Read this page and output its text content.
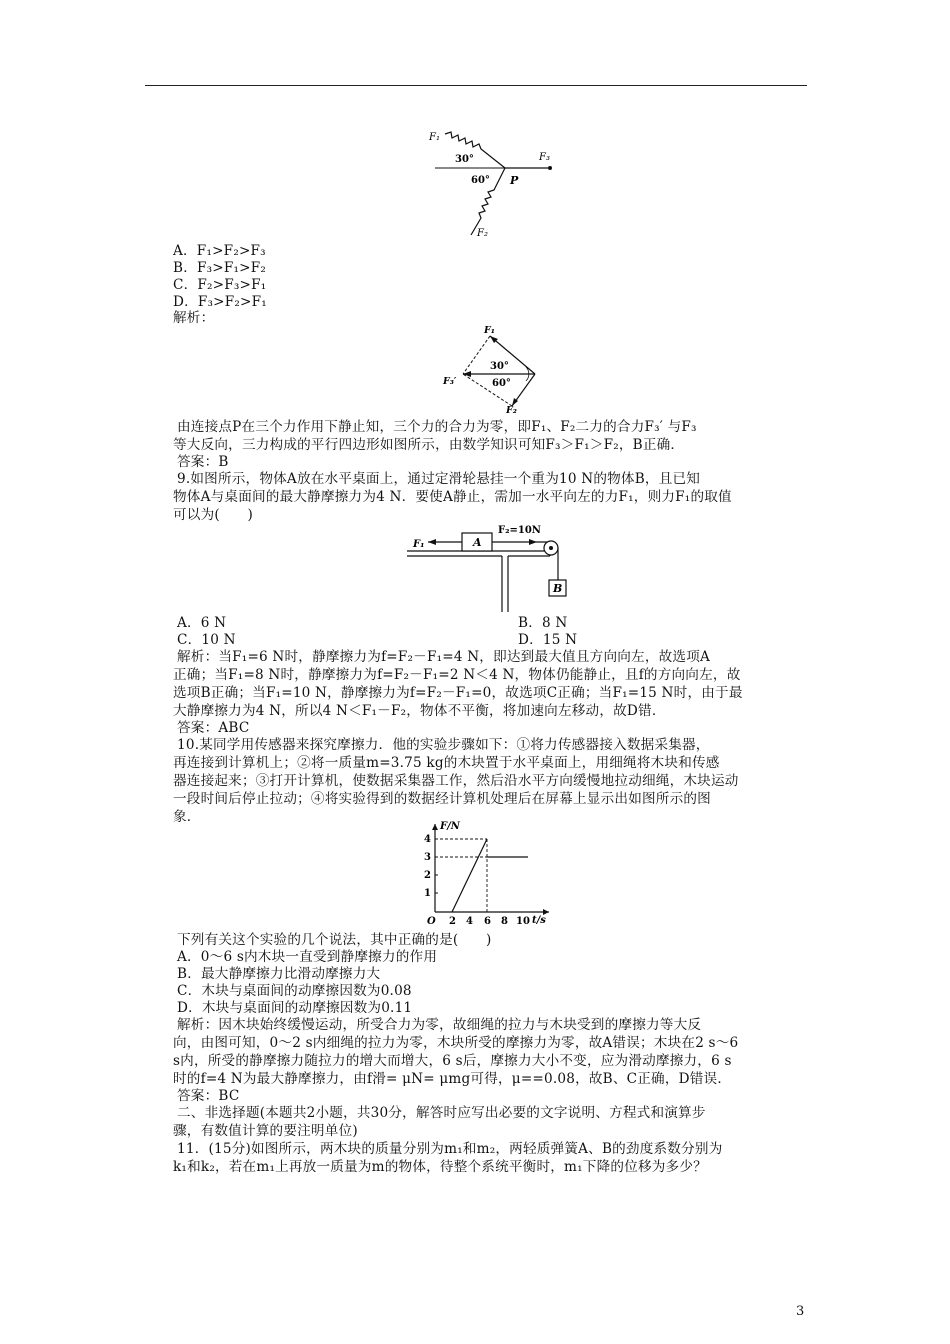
F₁
30°	F₃
60° P
F₂
F₁
30°
60°
F₃′
F₂
A
F₁
F₂=10N
B
F/N
1
2
3
4
O 2 4 6 8 10 t/s
A．F₁>F₂>F₃
B．F₃>F₁>F₂
C．F₂>F₃>F₁
D．F₃>F₂>F₁
解析：
由连接点P在三个力作用下静止知，三个力的合力为零，即F₁、F₂二力的合力F₃′ 与F₃
等大反向，三力构成的平行四边形如图所示，由数学知识可知F₃＞F₁＞F₂，B正确．
答案：B
9.如图所示，物体A放在水平桌面上，通过定滑轮悬挂一个重为10 N的物体B，且已知
物体A与桌面间的最大静摩擦力为4 N．要使A静止，需加一水平向左的力F₁，则力F₁的取值
可以为(　　)
A．6 N	B．8 N
C．10 N	D．15 N
解析：当F₁=6 N时，静摩擦力为f=F₂－F₁=4 N，即达到最大值且方向向左，故选项A
正确；当F₁=8 N时，静摩擦力为f=F₂－F₁=2 N＜4 N，物体仍能静止，且f的方向向左，故
选项B正确；当F₁=10 N，静摩擦力为f=F₂－F₁=0，故选项C正确；当F₁=15 N时，由于最
大静摩擦力为4 N，所以4 N＜F₁－F₂，物体不平衡，将加速向左移动，故D错．
答案：ABC
10.某同学用传感器来探究摩擦力．他的实验步骤如下：①将力传感器接入数据采集器，
再连接到计算机上；②将一质量m=3.75 kg的木块置于水平桌面上，用细绳将木块和传感
器连接起来；③打开计算机，使数据采集器工作，然后沿水平方向缓慢地拉动细绳，木块运动
一段时间后停止拉动；④将实验得到的数据经计算机处理后在屏幕上显示出如图所示的图
象．
下列有关这个实验的几个说法，其中正确的是(　　)
A．0～6 s内木块一直受到静摩擦力的作用
B．最大静摩擦力比滑动摩擦力大
C．木块与桌面间的动摩擦因数为0.08
D．木块与桌面间的动摩擦因数为0.11
解析：因木块始终缓慢运动，所受合力为零，故细绳的拉力与木块受到的摩擦力等大反
向，由图可知，0～2 s内细绳的拉力为零，木块所受的摩擦力为零，故A错误；木块在2 s～6
s内，所受的静摩擦力随拉力的增大而增大，6 s后，摩擦力大小不变，应为滑动摩擦力，6 s
时的f=4 N为最大静摩擦力，由f滑= μN= μmg可得，μ==0.08，故B、C正确，D错误．
答案：BC
二、非选择题(本题共2小题，共30分，解答时应写出必要的文字说明、方程式和演算步
骤，有数值计算的要注明单位)
11．(15分)如图所示，两木块的质量分别为m₁和m₂，两轻质弹簧A、B的劲度系数分别为
k₁和k₂，若在m₁上再放一质量为m的物体，待整个系统平衡时，m₁下降的位移为多少？
3
